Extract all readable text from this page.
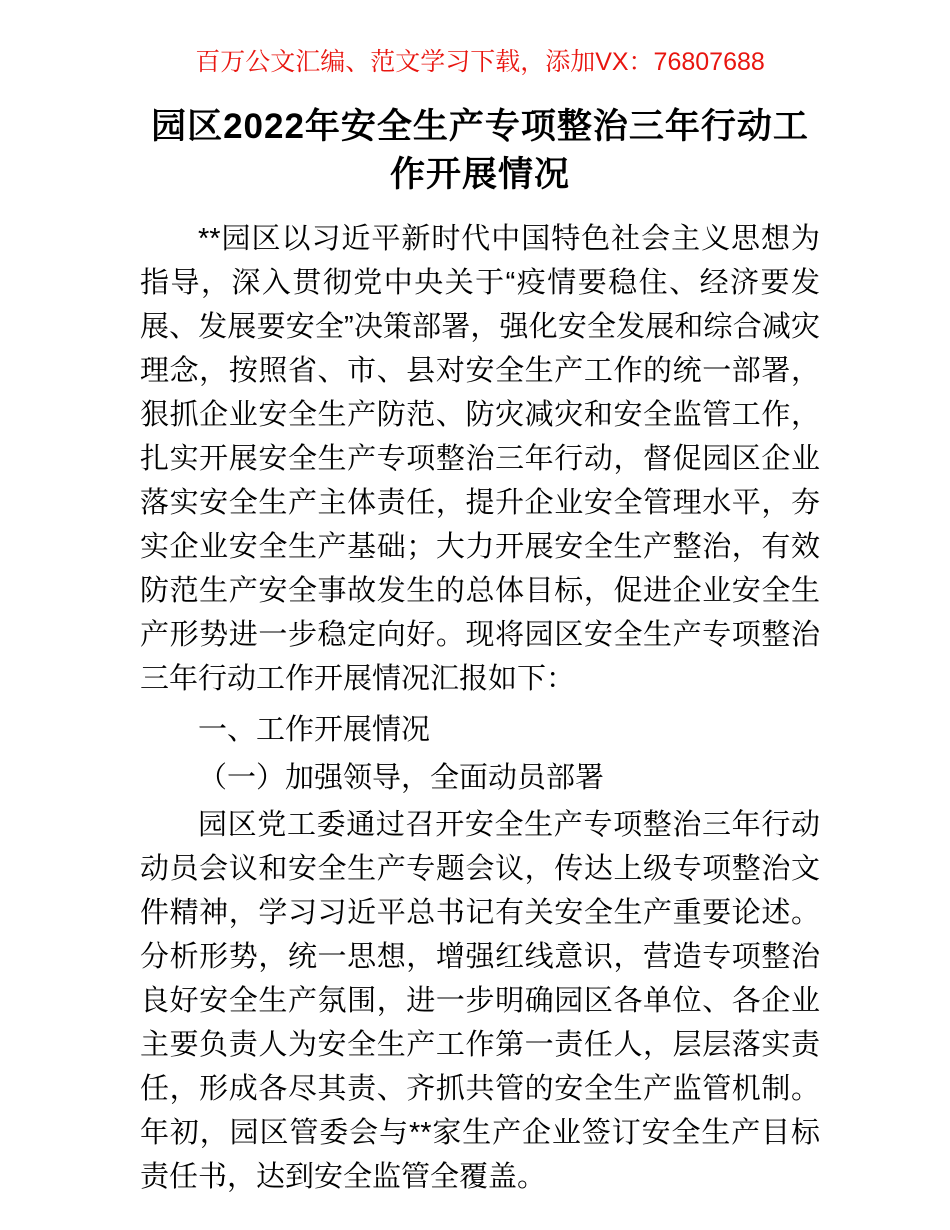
百万公文汇编、范文学习下载，添加VX：76807688
园区2022年安全生产专项整治三年行动工作开展情况

**园区以习近平新时代中国特色社会主义思想为指导，深入贯彻党中央关于“疫情要稳住、经济要发展、发展要安全”决策部署，强化安全发展和综合减灾理念，按照省、市、县对安全生产工作的统一部署，狠抓企业安全生产防范、防灾减灾和安全监管工作，扎实开展安全生产专项整治三年行动，督促园区企业落实安全生产主体责任，提升企业安全管理水平，夯实企业安全生产基础；大力开展安全生产整治，有效防范生产安全事故发生的总体目标，促进企业安全生产形势进一步稳定向好。现将园区安全生产专项整治三年行动工作开展情况汇报如下：

一、工作开展情况
（一）加强领导，全面动员部署

园区党工委通过召开安全生产专项整治三年行动动员会议和安全生产专题会议，传达上级专项整治文件精神，学习习近平总书记有关安全生产重要论述。分析形势，统一思想，增强红线意识，营造专项整治良好安全生产氛围，进一步明确园区各单位、各企业主要负责人为安全生产工作第一责任人，层层落实责任，形成各尽其责、齐抓共管的安全生产监管机制。年初，园区管委会与**家生产企业签订安全生产目标责任书，达到安全监管全覆盖。
